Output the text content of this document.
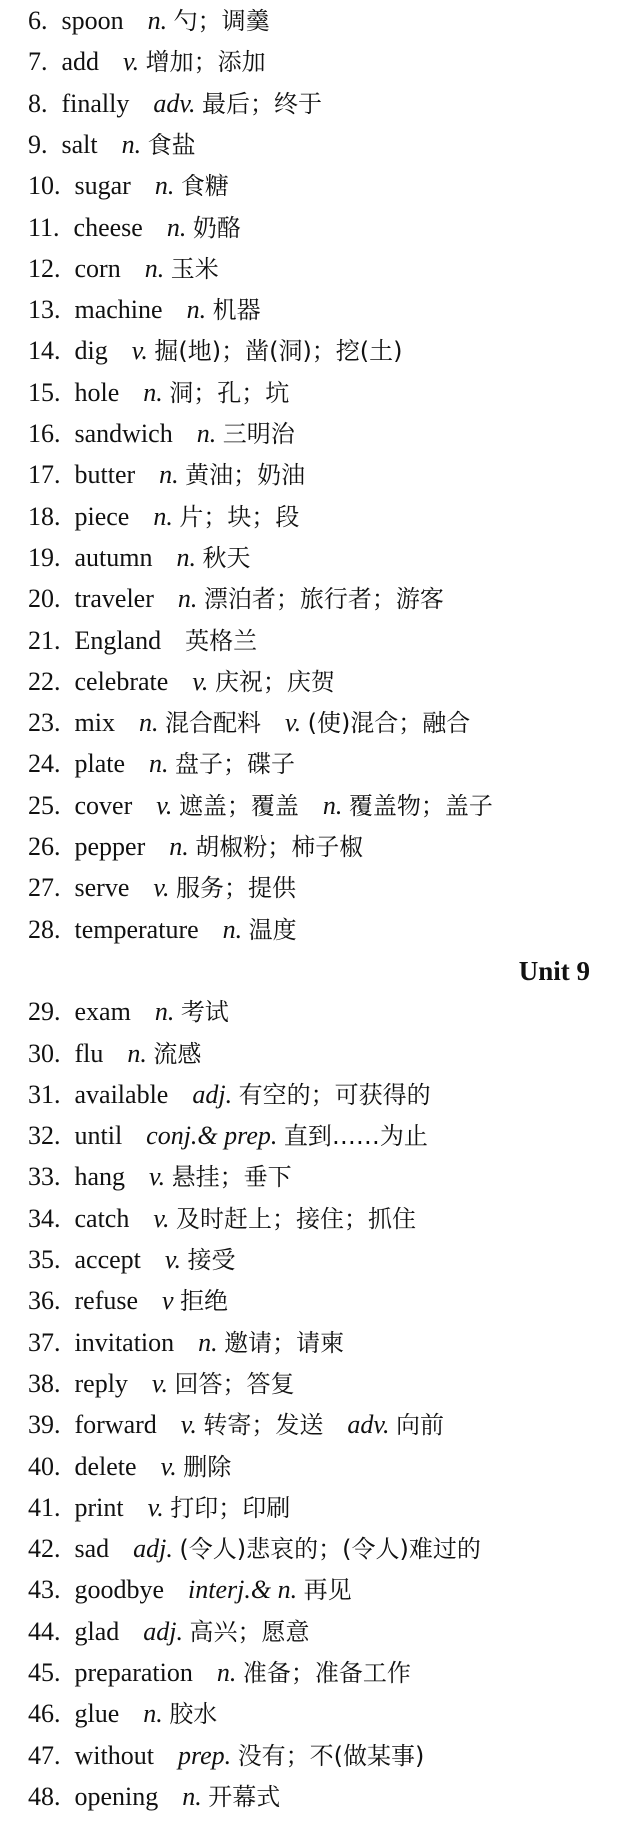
6. spoon n. 勺；调羹
7. add v. 增加；添加
8. finally adv. 最后；终于
9. salt n. 食盐
10. sugar n. 食糖
11. cheese n. 奶酪
12. corn n. 玉米
13. machine n. 机器
14. dig v. 掘(地)；凿(洞)；挖(土)
15. hole n. 洞；孔；坑
16. sandwich n. 三明治
17. butter n. 黄油；奶油
18. piece n. 片；块；段
19. autumn n. 秋天
20. traveler n. 漂泊者；旅行者；游客
21. England 英格兰
22. celebrate v. 庆祝；庆贺
23. mix n. 混合配料 v. (使)混合；融合
24. plate n. 盘子；碟子
25. cover v. 遮盖；覆盖 n. 覆盖物；盖子
26. pepper n. 胡椒粉；柿子椒
27. serve v. 服务；提供
28. temperature n. 温度
Unit 9
29. exam n. 考试
30. flu n. 流感
31. available adj. 有空的；可获得的
32. until conj.& prep. 直到……为止
33. hang v. 悬挂；垂下
34. catch v. 及时赶上；接住；抓住
35. accept v. 接受
36. refuse v 拒绝
37. invitation n. 邀请；请柬
38. reply v. 回答；答复
39. forward v. 转寄；发送 adv. 向前
40. delete v. 删除
41. print v. 打印；印刷
42. sad adj. (令人)悲哀的；(令人)难过的
43. goodbye interj.& n. 再见
44. glad adj. 高兴；愿意
45. preparation n. 准备；准备工作
46. glue n. 胶水
47. without prep. 没有；不(做某事)
48. opening n. 开幕式
